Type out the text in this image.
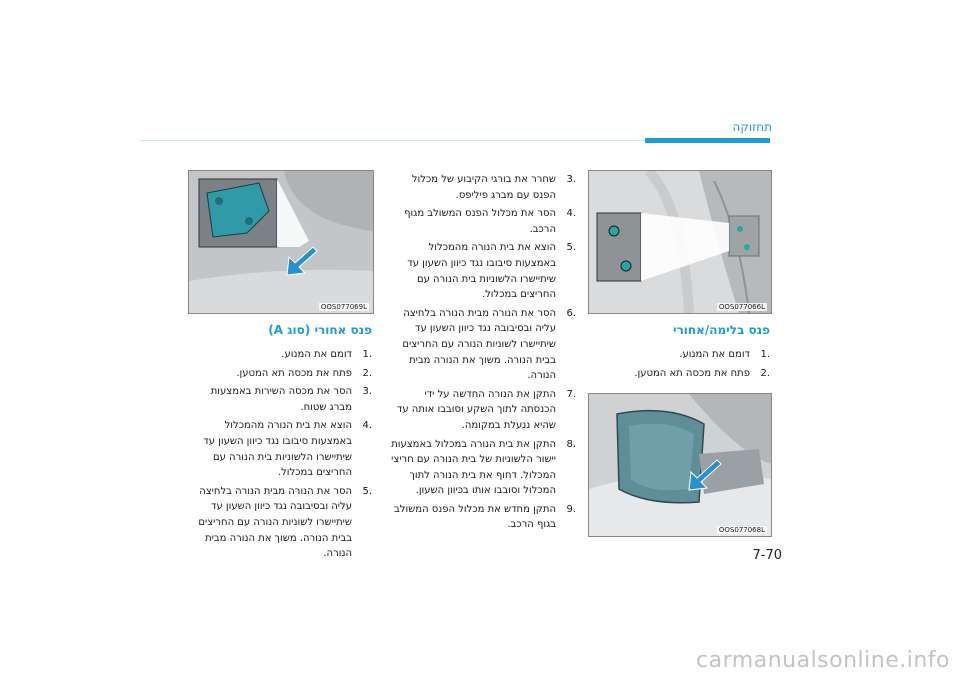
תחזוקה
OOS077066L
פנס בלימה/אחורי
.1
דומם את המנוע.
.2
פתח את מכסה תא המטען.
OOS077068L
.3
שחרר את בורגי הקיבוע של מכלול הפנס עם מברג פיליפס.
.4
הסר את מכלול הפנס המשולב מגוף הרכב.
.5
הוצא את בית הנורה מהמכלול באמצעות סיבובו נגד כיוון השעון עד שיתיישרו הלשוניות בית הנורה עם החריצים במכלול.
.6
הסר את הנורה מבית הנורה בלחיצה עליה ובסיבובה נגד כיוון השעון עד שיתיישרו לשוניות הנורה עם החריצים בבית הנורה. משוך את הנורה מבית הנורה.
.7
התקן את הנורה החדשה על ידי הכנסתה לתוך השקע וסובבו אותה עד שהיא ננעלת במקומה.
.8
התקן את בית הנורה במכלול באמצעות יישור הלשוניות של בית הנורה עם חריצי המכלול. דחוף את בית הנורה לתוך המכלול וסובבו אותו בכיוון השעון.
.9
התקן מחדש את מכלול הפנס המשולב בגוף הרכב.
OOS077069L
פנס אחורי (סוג A)
.1
דומם את המנוע.
.2
פתח את מכסה תא המטען.
.3
הסר את מכסה השירות באמצעות מברג שטוח.
.4
הוצא את בית הנורה מהמכלול באמצעות סיבובו נגד כיוון השעון עד שיתיישרו הלשוניות בית הנורה עם החריצים במכלול.
.5
הסר את הנורה מבית הנורה בלחיצה עליה ובסיבובה נגד כיוון השעון עד שיתיישרו לשוניות הנורה עם החריצים בבית הנורה. משוך את הנורה מבית הנורה.	7-70
carmanualsonline.info
